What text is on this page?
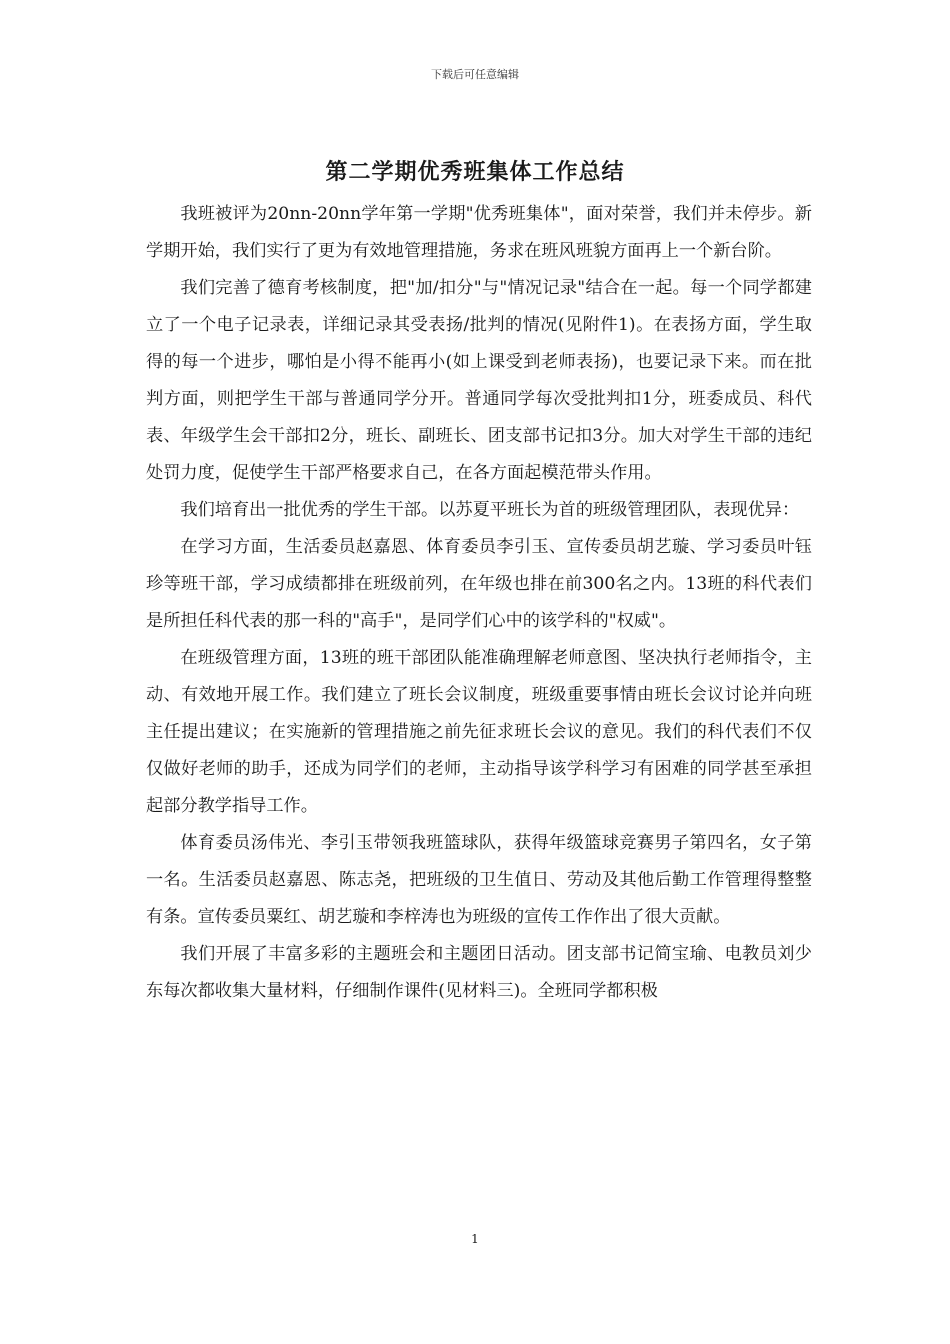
下载后可任意编辑
第二学期优秀班集体工作总结

我班被评为20nn-20nn学年第一学期"优秀班集体"，面对荣誉，我们并未停步。新学期开始，我们实行了更为有效地管理措施，务求在班风班貌方面再上一个新台阶。

我们完善了德育考核制度，把"加/扣分"与"情况记录"结合在一起。每一个同学都建立了一个电子记录表，详细记录其受表扬/批判的情况(见附件1)。在表扬方面，学生取得的每一个进步，哪怕是小得不能再小(如上课受到老师表扬)，也要记录下来。而在批判方面，则把学生干部与普通同学分开。普通同学每次受批判扣1分，班委成员、科代表、年级学生会干部扣2分，班长、副班长、团支部书记扣3分。加大对学生干部的违纪处罚力度，促使学生干部严格要求自己，在各方面起模范带头作用。

我们培育出一批优秀的学生干部。以苏夏平班长为首的班级管理团队，表现优异：

在学习方面，生活委员赵嘉恩、体育委员李引玉、宣传委员胡艺璇、学习委员叶钰珍等班干部，学习成绩都排在班级前列，在年级也排在前300名之内。13班的科代表们是所担任科代表的那一科的"高手"，是同学们心中的该学科的"权威"。

在班级管理方面，13班的班干部团队能准确理解老师意图、坚决执行老师指令，主动、有效地开展工作。我们建立了班长会议制度，班级重要事情由班长会议讨论并向班主任提出建议；在实施新的管理措施之前先征求班长会议的意见。我们的科代表们不仅仅做好老师的助手，还成为同学们的老师，主动指导该学科学习有困难的同学甚至承担起部分教学指导工作。

体育委员汤伟光、李引玉带领我班篮球队，获得年级篮球竞赛男子第四名，女子第一名。生活委员赵嘉恩、陈志尧，把班级的卫生值日、劳动及其他后勤工作管理得整整有条。宣传委员粟红、胡艺璇和李梓涛也为班级的宣传工作作出了很大贡献。

我们开展了丰富多彩的主题班会和主题团日活动。团支部书记简宝瑜、电教员刘少东每次都收集大量材料，仔细制作课件(见材料三)。全班同学都积极

1
